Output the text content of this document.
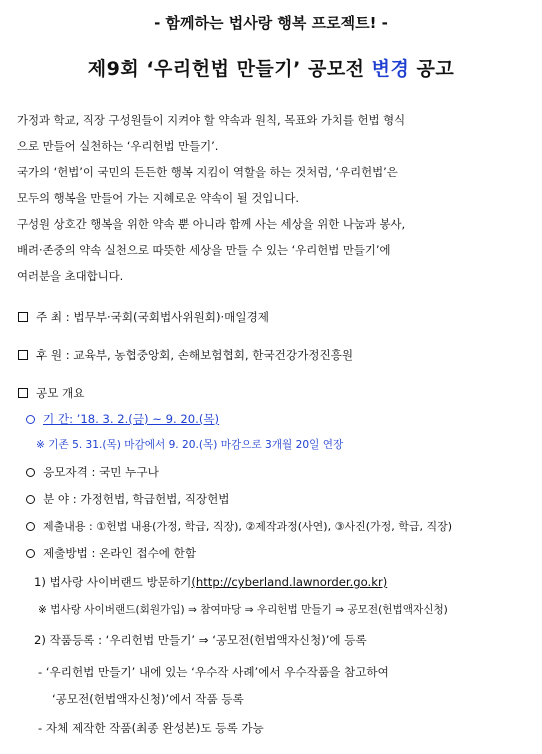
- 함께하는 법사랑 행복 프로젝트! -
제9회 ‘우리헌법 만들기’ 공모전 변경 공고
가정과 학교, 직장 구성원들이 지켜야 할 약속과 원칙, 목표와 가치를 헌법 형식
으로 만들어 실천하는 ‘우리헌법 만들기’.
국가의 ‘헌법’이 국민의 든든한 행복 지킴이 역할을 하는 것처럼, ‘우리헌법’은
모두의 행복을 만들어 가는 지혜로운 약속이 될 것입니다.
구성원 상호간 행복을 위한 약속 뿐 아니라 함께 사는 세상을 위한 나눔과 봉사,
배려·존중의 약속 실천으로 따뜻한 세상을 만들 수 있는 ‘우리헌법 만들기’에
여러분을 초대합니다.
주 최 : 법무부·국회(국회법사위원회)·매일경제
후 원 : 교육부, 농협중앙회, 손해보험협회, 한국건강가정진흥원
공모 개요
기 간: ’18. 3. 2.(금) ~ 9. 20.(목)
※ 기존 5. 31.(목) 마감에서 9. 20.(목) 마감으로 3개월 20일 연장
응모자격 : 국민 누구나
분 야 : 가정헌법, 학급헌법, 직장헌법
제출내용 : ①헌법 내용(가정, 학급, 직장), ②제작과정(사연), ③사진(가정, 학급, 직장)
제출방법 : 온라인 접수에 한함
1) 법사랑 사이버랜드 방문하기(http://cyberland.lawnorder.go.kr)
※ 법사랑 사이버랜드(회원가입) ⇒ 참여마당 ⇒ 우리헌법 만들기 ⇒ 공모전(헌법액자신청)
2) 작품등록 : ‘우리헌법 만들기’ ⇒ ‘공모전(헌법액자신청)’에 등록
- ‘우리헌법 만들기’ 내에 있는 ‘우수작 사례’에서 우수작품을 참고하여
‘공모전(헌법액자신청)’에서 작품 등록
- 자체 제작한 작품(최종 완성본)도 등록 가능
